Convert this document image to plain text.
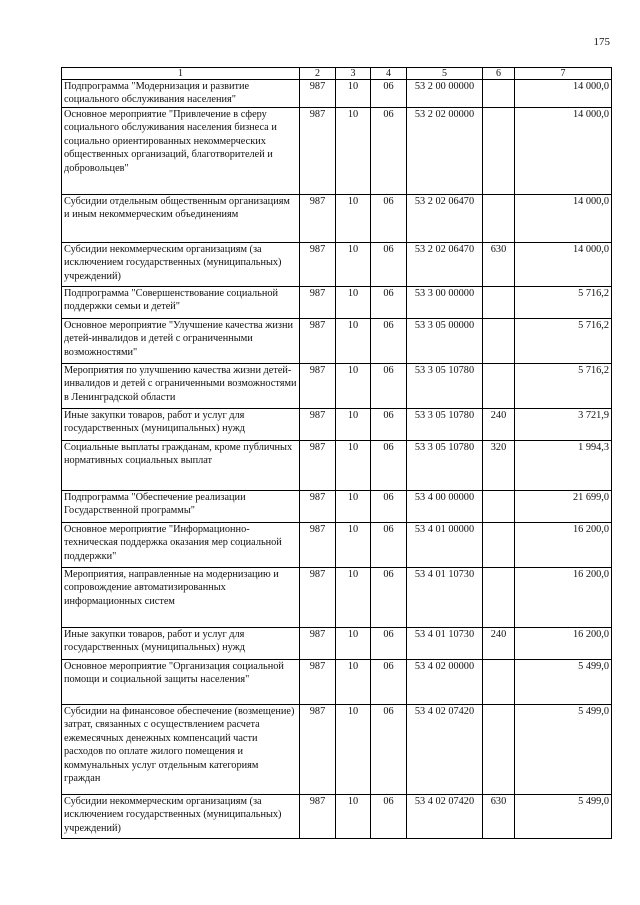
175
1	2	3	4	5	6	7
Подпрограмма "Модернизация и развитие социального обслуживания населения"	987	10	06	53 2 00 00000		14 000,0
Основное мероприятие "Привлечение в сферу социального обслуживания населения бизнеса и социально ориентированных некоммерческих общественных организаций, благотворителей и добровольцев"	987	10	06	53 2 02 00000		14 000,0
Субсидии отдельным общественным организациям и иным некоммерческим объединениям	987	10	06	53 2 02 06470		14 000,0
Субсидии некоммерческим организациям (за исключением государственных (муниципальных) учреждений)	987	10	06	53 2 02 06470	630	14 000,0
Подпрограмма "Совершенствование социальной поддержки семьи и детей"	987	10	06	53 3 00 00000		5 716,2
Основное мероприятие "Улучшение качества жизни детей-инвалидов и детей с ограниченными возможностями"	987	10	06	53 3 05 00000		5 716,2
Мероприятия по улучшению качества жизни детей-инвалидов и детей с ограниченными возможностями в Ленинградской области	987	10	06	53 3 05 10780		5 716,2
Иные закупки товаров, работ и услуг для государственных (муниципальных) нужд	987	10	06	53 3 05 10780	240	3 721,9
Социальные выплаты гражданам, кроме публичных нормативных социальных выплат	987	10	06	53 3 05 10780	320	1 994,3
Подпрограмма "Обеспечение реализации Государственной программы"	987	10	06	53 4 00 00000		21 699,0
Основное мероприятие "Информационно-техническая поддержка оказания мер социальной поддержки"	987	10	06	53 4 01 00000		16 200,0
Мероприятия, направленные на модернизацию и сопровождение автоматизированных информационных систем	987	10	06	53 4 01 10730		16 200,0
Иные закупки товаров, работ и услуг для государственных (муниципальных) нужд	987	10	06	53 4 01 10730	240	16 200,0
Основное мероприятие "Организация социальной помощи и социальной защиты населения"	987	10	06	53 4 02 00000		5 499,0
Субсидии на финансовое обеспечение (возмещение) затрат, связанных с осуществлением расчета ежемесячных денежных компенсаций части расходов по оплате жилого помещения и коммунальных услуг отдельным категориям граждан	987	10	06	53 4 02 07420		5 499,0
Субсидии некоммерческим организациям (за исключением государственных (муниципальных) учреждений)	987	10	06	53 4 02 07420	630	5 499,0
